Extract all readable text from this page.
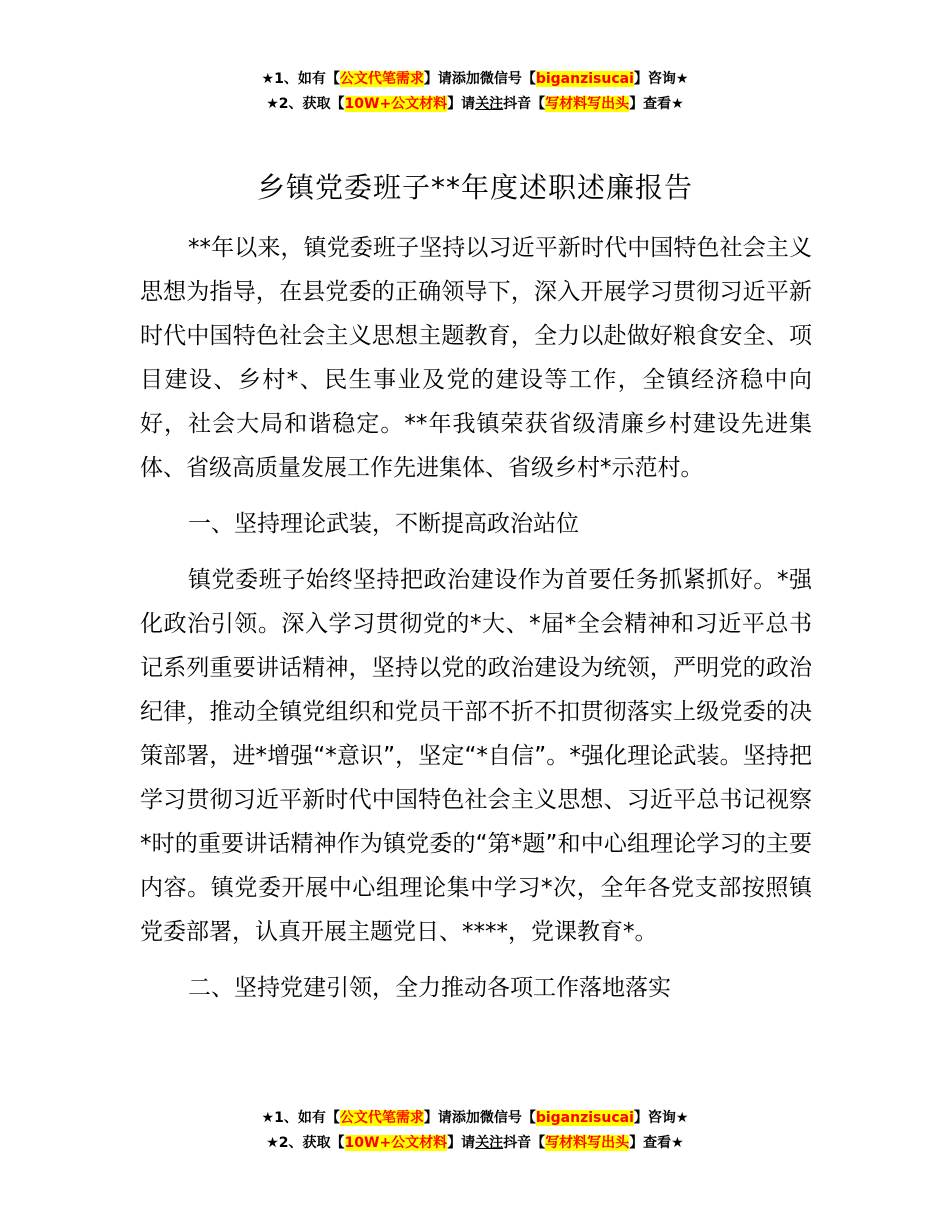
★1、如有【公文代笔需求】请添加微信号【biganzisucai】咨询★
★2、获取【10W+公文材料】请关注抖音【写材料写出头】查看★
乡镇党委班子**年度述职述廉报告

**年以来，镇党委班子坚持以习近平新时代中国特色社会主义思想为指导，在县党委的正确领导下，深入开展学习贯彻习近平新时代中国特色社会主义思想主题教育，全力以赴做好粮食安全、项目建设、乡村*、民生事业及党的建设等工作，全镇经济稳中向好，社会大局和谐稳定。**年我镇荣获省级清廉乡村建设先进集体、省级高质量发展工作先进集体、省级乡村*示范村。

一、坚持理论武装，不断提高政治站位

镇党委班子始终坚持把政治建设作为首要任务抓紧抓好。*强化政治引领。深入学习贯彻党的*大、*届*全会精神和习近平总书记系列重要讲话精神，坚持以党的政治建设为统领，严明党的政治纪律，推动全镇党组织和党员干部不折不扣贯彻落实上级党委的决策部署，进*增强“*意识”，坚定“*自信”。*强化理论武装。坚持把学习贯彻习近平新时代中国特色社会主义思想、习近平总书记视察*时的重要讲话精神作为镇党委的“第*题”和中心组理论学习的主要内容。镇党委开展中心组理论集中学习*次，全年各党支部按照镇党委部署，认真开展主题党日、****，党课教育*。

二、坚持党建引领，全力推动各项工作落地落实

★1、如有【公文代笔需求】请添加微信号【biganzisucai】咨询★
★2、获取【10W+公文材料】请关注抖音【写材料写出头】查看★
